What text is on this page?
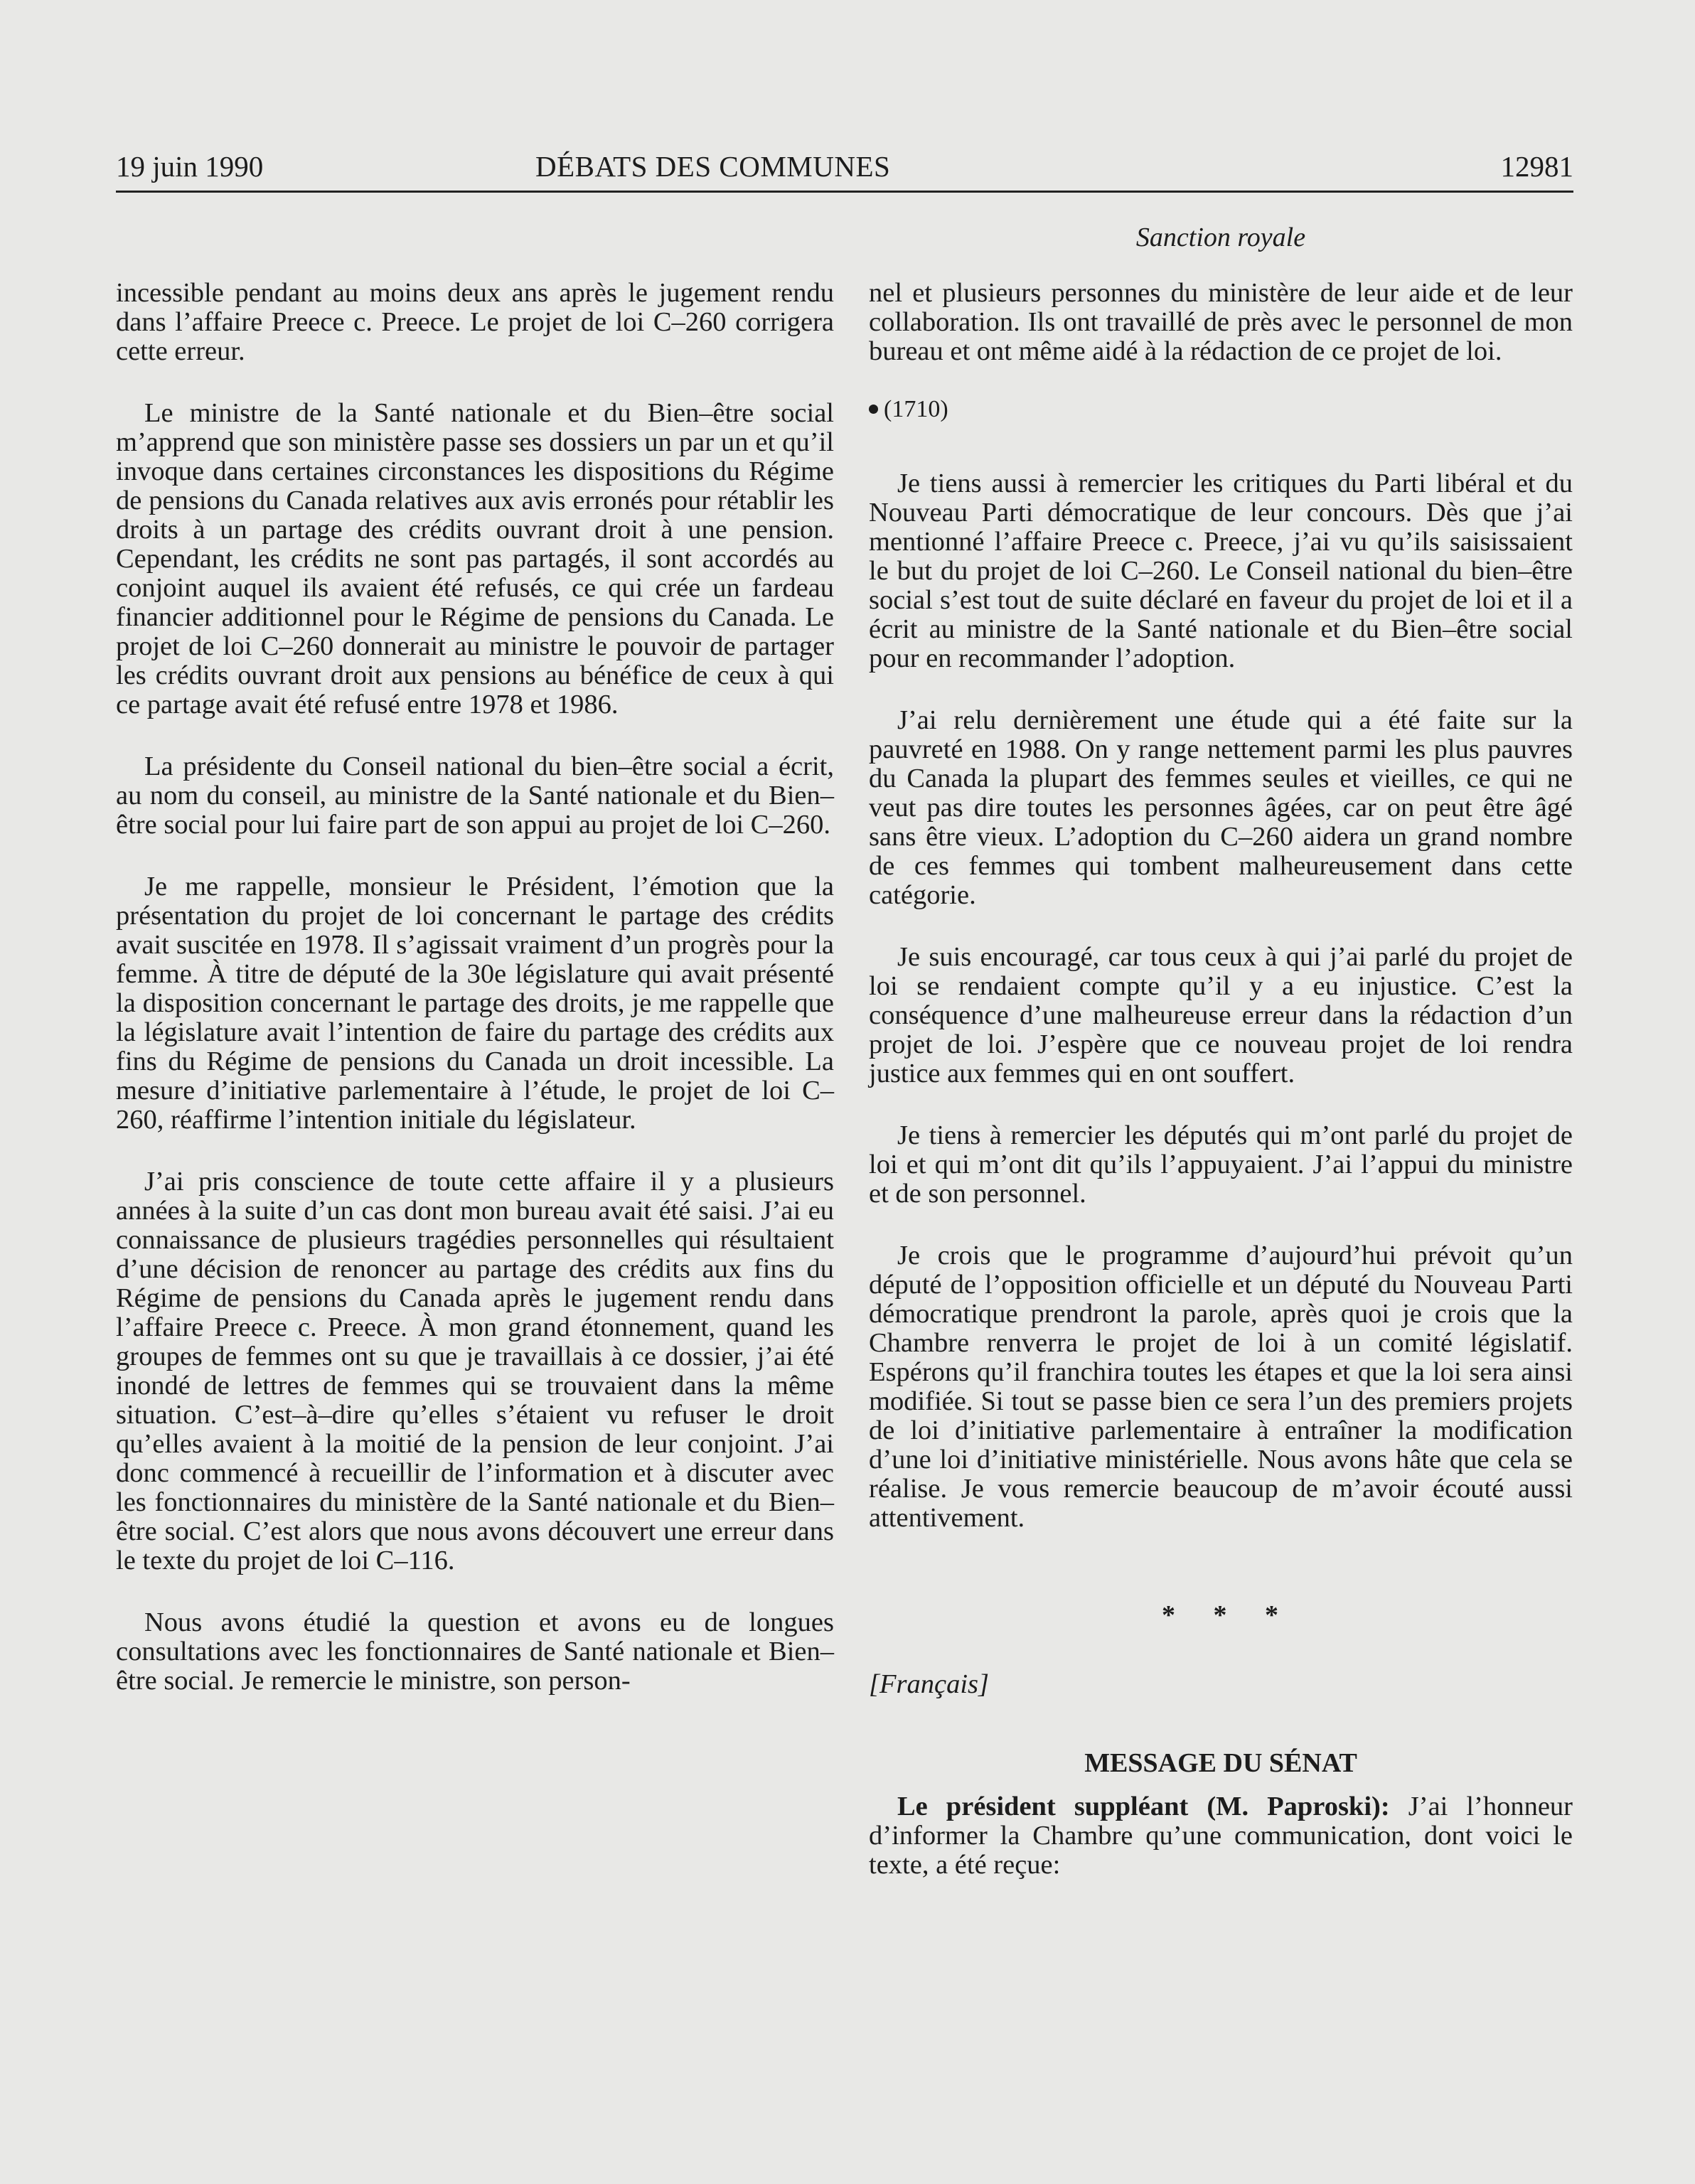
19 juin 1990	DÉBATS DES COMMUNES	12981
Sanction royale

incessible pendant au moins deux ans après le jugement rendu dans l’affaire Preece c. Preece. Le projet de loi C–260 corrigera cette erreur.

Le ministre de la Santé nationale et du Bien–être social m’apprend que son ministère passe ses dossiers un par un et qu’il invoque dans certaines circonstances les dispositions du Régime de pensions du Canada relatives aux avis erronés pour rétablir les droits à un partage des crédits ouvrant droit à une pension. Cependant, les crédits ne sont pas partagés, il sont accordés au conjoint auquel ils avaient été refusés, ce qui crée un fardeau financier additionnel pour le Régime de pensions du Canada. Le projet de loi C–260 donnerait au ministre le pouvoir de partager les crédits ouvrant droit aux pensions au bénéfice de ceux à qui ce partage avait été refusé entre 1978 et 1986.

La présidente du Conseil national du bien–être social a écrit, au nom du conseil, au ministre de la Santé nationale et du Bien–être social pour lui faire part de son appui au projet de loi C–260.

Je me rappelle, monsieur le Président, l’émotion que la présentation du projet de loi concernant le partage des crédits avait suscitée en 1978. Il s’agissait vraiment d’un progrès pour la femme. À titre de député de la 30e législature qui avait présenté la disposition concernant le partage des droits, je me rappelle que la législature avait l’intention de faire du partage des crédits aux fins du Régime de pensions du Canada un droit incessible. La mesure d’initiative parlementaire à l’étude, le projet de loi C–260, réaffirme l’intention initiale du législateur.

J’ai pris conscience de toute cette affaire il y a plusieurs années à la suite d’un cas dont mon bureau avait été saisi. J’ai eu connaissance de plusieurs tragédies personnelles qui résultaient d’une décision de renoncer au partage des crédits aux fins du Régime de pensions du Canada après le jugement rendu dans l’affaire Preece c. Preece. À mon grand étonnement, quand les groupes de femmes ont su que je travaillais à ce dossier, j’ai été inondé de lettres de femmes qui se trouvaient dans la même situation. C’est–à–dire qu’elles s’étaient vu refuser le droit qu’elles avaient à la moitié de la pension de leur conjoint. J’ai donc commencé à recueillir de l’information et à discuter avec les fonctionnaires du ministère de la Santé nationale et du Bien–être social. C’est alors que nous avons découvert une erreur dans le texte du projet de loi C–116.

Nous avons étudié la question et avons eu de longues consultations avec les fonctionnaires de Santé nationale et Bien–être social. Je remercie le ministre, son person-

nel et plusieurs personnes du ministère de leur aide et de leur collaboration. Ils ont travaillé de près avec le personnel de mon bureau et ont même aidé à la rédaction de ce projet de loi.

(1710)

Je tiens aussi à remercier les critiques du Parti libéral et du Nouveau Parti démocratique de leur concours. Dès que j’ai mentionné l’affaire Preece c. Preece, j’ai vu qu’ils saisissaient le but du projet de loi C–260. Le Conseil national du bien–être social s’est tout de suite déclaré en faveur du projet de loi et il a écrit au ministre de la Santé nationale et du Bien–être social pour en recommander l’adoption.

J’ai relu dernièrement une étude qui a été faite sur la pauvreté en 1988. On y range nettement parmi les plus pauvres du Canada la plupart des femmes seules et vieilles, ce qui ne veut pas dire toutes les personnes âgées, car on peut être âgé sans être vieux. L’adoption du C–260 aidera un grand nombre de ces femmes qui tombent malheureusement dans cette catégorie.

Je suis encouragé, car tous ceux à qui j’ai parlé du projet de loi se rendaient compte qu’il y a eu injustice. C’est la conséquence d’une malheureuse erreur dans la rédaction d’un projet de loi. J’espère que ce nouveau projet de loi rendra justice aux femmes qui en ont souffert.

Je tiens à remercier les députés qui m’ont parlé du projet de loi et qui m’ont dit qu’ils l’appuyaient. J’ai l’appui du ministre et de son personnel.

Je crois que le programme d’aujourd’hui prévoit qu’un député de l’opposition officielle et un député du Nouveau Parti démocratique prendront la parole, après quoi je crois que la Chambre renverra le projet de loi à un comité législatif. Espérons qu’il franchira toutes les étapes et que la loi sera ainsi modifiée. Si tout se passe bien ce sera l’un des premiers projets de loi d’initiative parlementaire à entraîner la modification d’une loi d’initiative ministérielle. Nous avons hâte que cela se réalise. Je vous remercie beaucoup de m’avoir écouté aussi attentivement.

* * *
[Français]
MESSAGE DU SÉNAT

Le président suppléant (M. Paproski): J’ai l’honneur d’informer la Chambre qu’une communication, dont voici le texte, a été reçue:
